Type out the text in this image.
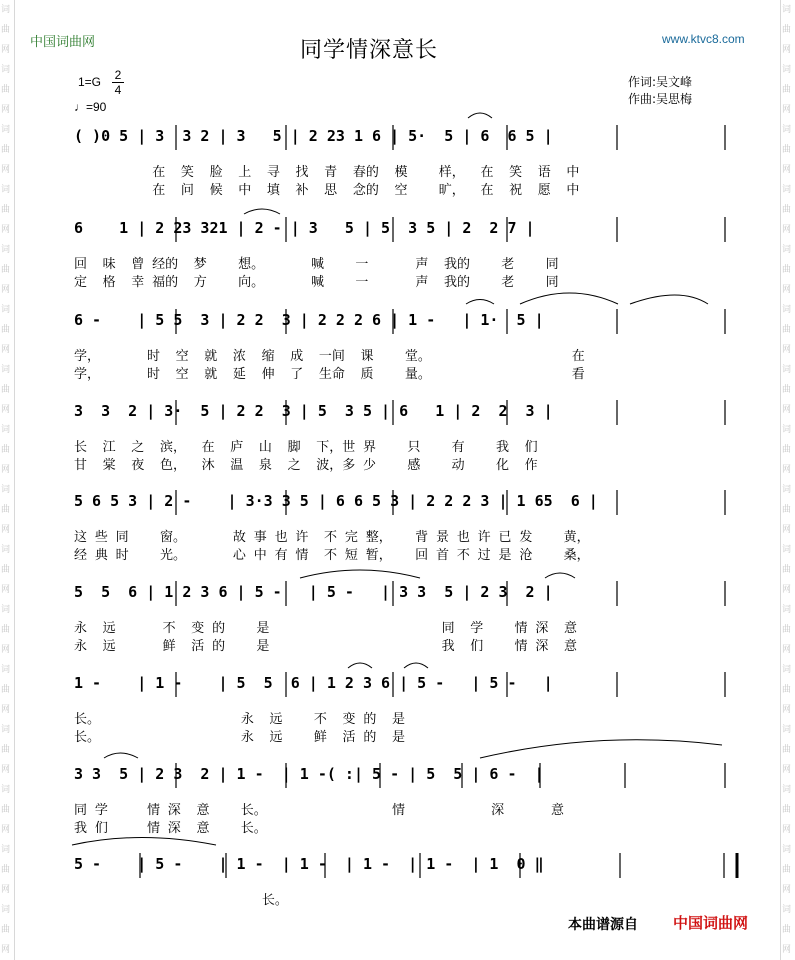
词
曲
网
词
曲
网
词
曲
网
词
曲
网
词
曲
网
词
曲
网
词
曲
网
词
曲
网
词
曲
网
词
曲
网
词
曲
网
词
曲
网
词
曲
网
词
曲
网
词
曲
网
词
曲
网
词
曲
网
词
曲
网
词
曲
网
词
曲
网
词
曲
网
词
曲
网
词
曲
网
词
曲
网
词
曲
网
词
曲
网
词
曲
网
词
曲
网
词
曲
网
词
曲
网
词
曲
网
词
曲
网
中国词曲网	www.ktvc8.com
同学情深意长
1=G 2
4
♩=90
作词:吴文峰
作曲:吴思梅
( )0 5 | 3  3 2 | 3   5 | 2 23 1 6 | 5·  5 | 6  6 5 |
在  笑  脸  上  寻  找  青  春的  模    样，  在  笑  语  中
在  问  候  中  填  补  思  念的  空    旷，  在  祝  愿  中
6    1 | 2 23 321 | 2 - | 3   5 | 5  3 5 | 2  2 7 |
回  味  曾 经的  梦    想。      喊    一      声  我的    老    同
定  格  幸 福的  方    向。      喊    一      声  我的    老    同
6 -    | 5 5  3 | 2 2  3 | 2 2 2 6 | 1 -   | 1·  5 |
学，      时  空  就  浓  缩  成  一间  课    堂。                  在
学，      时  空  就  延  伸  了  生命  质    量。                  看
3  3  2 | 3·  5 | 2 2  3 | 5  3 5 | 6   1 | 2  2  3 |
长  江  之  滨，  在  庐  山  脚  下，世 界    只    有    我  们
甘  棠  夜  色，  沐  温  泉  之  波，多 少    感    动    化  作
5 6 5 3 | 2 -    | 3·3 3 5 | 6 6 5 3 | 2 2 2 3 | 1 65  6 |
这 些 同    窗。      故 事 也 许  不 完 整，   背 景 也 许 已 发    黄，
经 典 时    光。      心 中 有 情  不 短 暂，   回 首 不 过 是 沧    桑，
5  5  6 | 1 2 3 6 | 5 -   | 5 -   | 3 3  5 | 2 3  2 |
永  远      不  变 的    是                      同  学    情 深  意
永  远      鲜  活 的    是                      我  们    情 深  意
1 -    | 1 -    | 5  5  6 | 1 2 3 6 | 5 -   | 5 -   |
长。                  永  远    不  变 的  是
长。                  永  远    鲜  活 的  是
3 3  5 | 2 3  2 | 1 -  | 1 -( :| 5 - | 5  5 | 6 -  |
同 学     情 深  意    长。                情           深      意
我 们     情 深  意    长。
5 -    | 5 -    | 1 -  | 1 -  | 1 -  | 1 -  | 1  0 ‖
长。
本曲谱源自 中国词曲网
